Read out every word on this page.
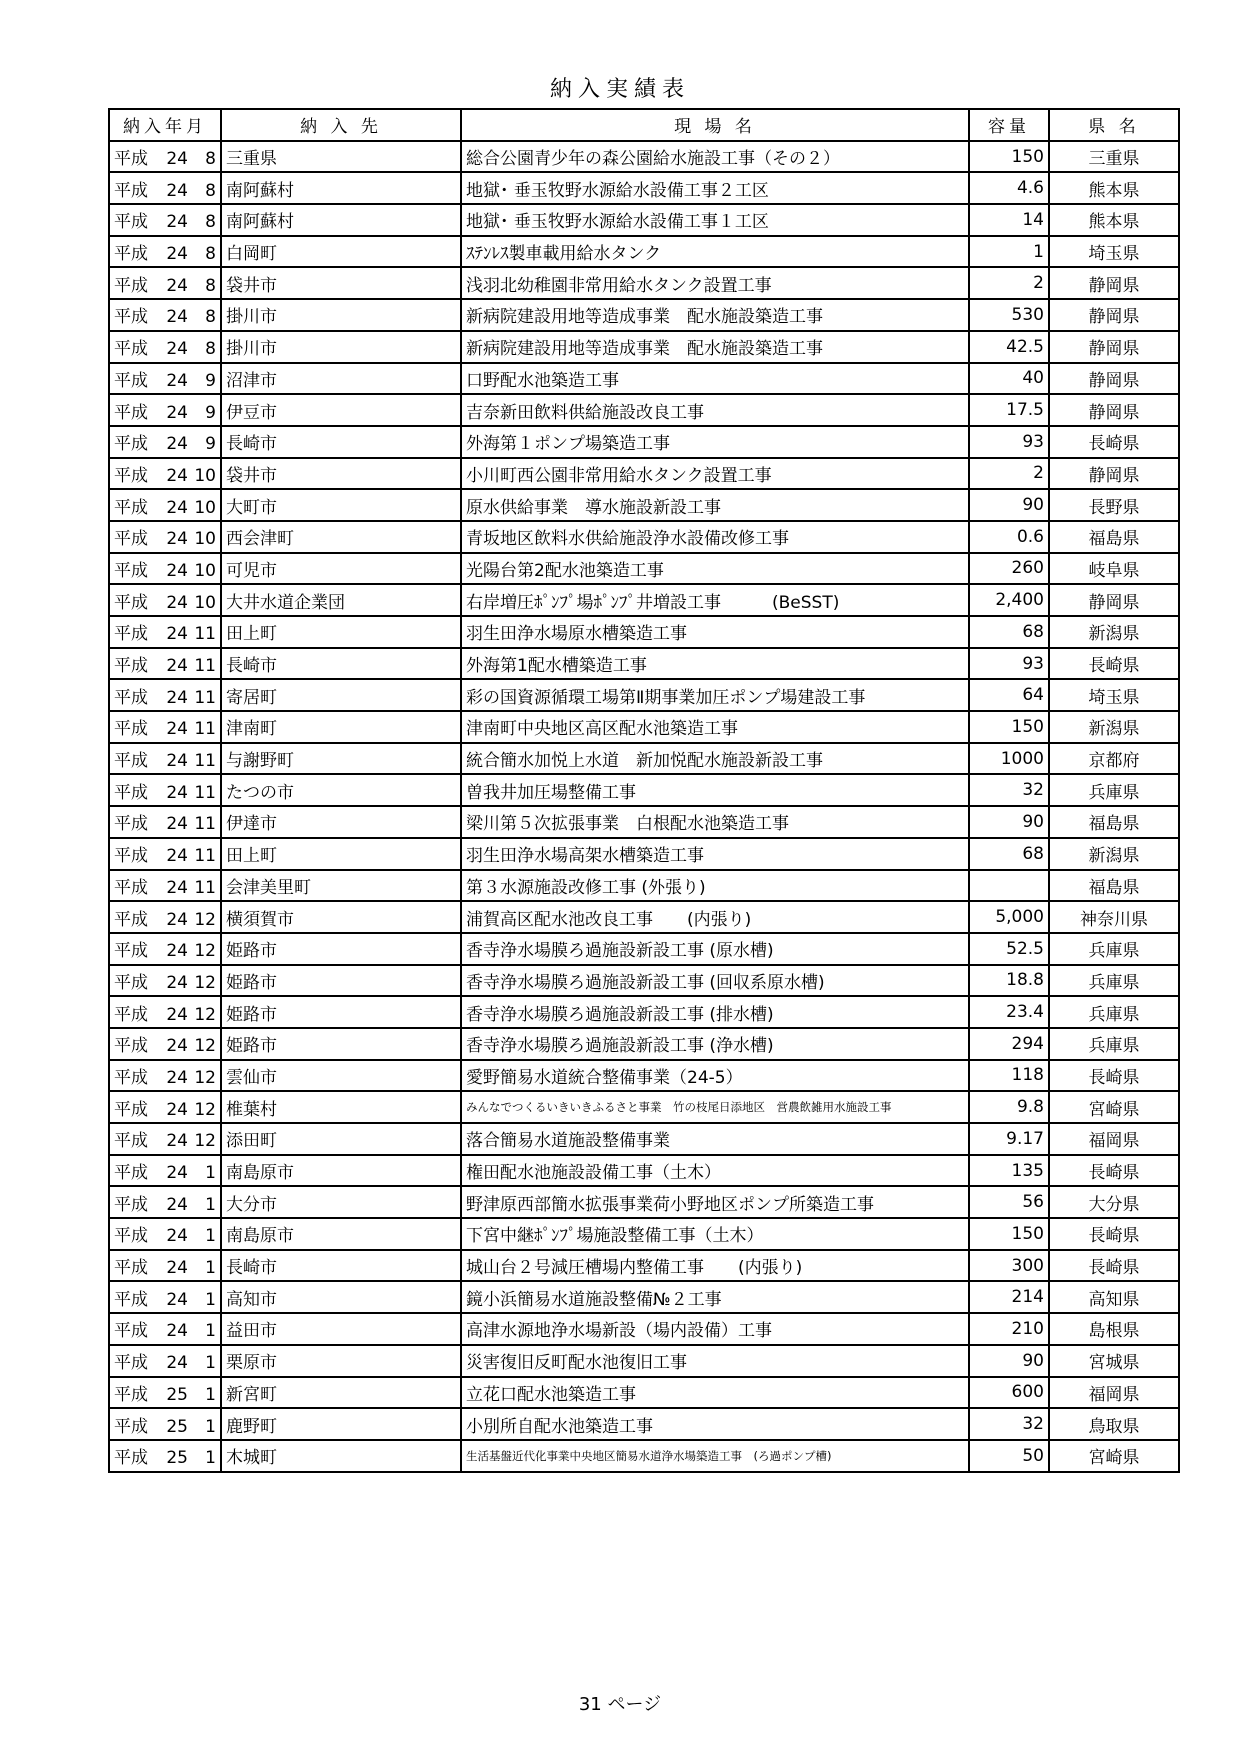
納入実績表
納入年月	納 入 先	現 場 名	容量	県 名
平成 24 8	三重県	総合公園青少年の森公園給水施設工事（その２）	150	三重県
平成 24 8	南阿蘇村	地獄･ 垂玉牧野水源給水設備工事２工区	4.6	熊本県
平成 24 8	南阿蘇村	地獄･ 垂玉牧野水源給水設備工事１工区	14	熊本県
平成 24 8	白岡町	ｽﾃﾝﾚｽ製車載用給水タンク	1	埼玉県
平成 24 8	袋井市	浅羽北幼稚園非常用給水タンク設置工事	2	静岡県
平成 24 8	掛川市	新病院建設用地等造成事業　配水施設築造工事	530	静岡県
平成 24 8	掛川市	新病院建設用地等造成事業　配水施設築造工事	42.5	静岡県
平成 24 9	沼津市	口野配水池築造工事	40	静岡県
平成 24 9	伊豆市	吉奈新田飲料供給施設改良工事	17.5	静岡県
平成 24 9	長崎市	外海第１ポンプ場築造工事	93	長崎県
平成 24 10	袋井市	小川町西公園非常用給水タンク設置工事	2	静岡県
平成 24 10	大町市	原水供給事業　導水施設新設工事	90	長野県
平成 24 10	西会津町	青坂地区飲料水供給施設浄水設備改修工事	0.6	福島県
平成 24 10	可児市	光陽台第2配水池築造工事	260	岐阜県
平成 24 10	大井水道企業団	右岸増圧ﾎﾟﾝﾌﾟ場ﾎﾟﾝﾌﾟ井増設工事　　　(BeSST)	2,400	静岡県
平成 24 11	田上町	羽生田浄水場原水槽築造工事	68	新潟県
平成 24 11	長崎市	外海第1配水槽築造工事	93	長崎県
平成 24 11	寄居町	彩の国資源循環工場第Ⅱ期事業加圧ポンプ場建設工事	64	埼玉県
平成 24 11	津南町	津南町中央地区高区配水池築造工事	150	新潟県
平成 24 11	与謝野町	統合簡水加悦上水道　新加悦配水施設新設工事	1000	京都府
平成 24 11	たつの市	曽我井加圧場整備工事	32	兵庫県
平成 24 11	伊達市	梁川第５次拡張事業　白根配水池築造工事	90	福島県
平成 24 11	田上町	羽生田浄水場高架水槽築造工事	68	新潟県
平成 24 11	会津美里町	第３水源施設改修工事 (外張り)		福島県
平成 24 12	横須賀市	浦賀高区配水池改良工事　　(内張り)	5,000	神奈川県
平成 24 12	姫路市	香寺浄水場膜ろ過施設新設工事 (原水槽)	52.5	兵庫県
平成 24 12	姫路市	香寺浄水場膜ろ過施設新設工事 (回収系原水槽)	18.8	兵庫県
平成 24 12	姫路市	香寺浄水場膜ろ過施設新設工事 (排水槽)	23.4	兵庫県
平成 24 12	姫路市	香寺浄水場膜ろ過施設新設工事 (浄水槽)	294	兵庫県
平成 24 12	雲仙市	愛野簡易水道統合整備事業（24-5）	118	長崎県
平成 24 12	椎葉村	みんなでつくるいきいきふるさと事業　竹の枝尾日添地区　営農飲雑用水施設工事	9.8	宮崎県
平成 24 12	添田町	落合簡易水道施設整備事業	9.17	福岡県
平成 24 1	南島原市	権田配水池施設設備工事（土木）	135	長崎県
平成 24 1	大分市	野津原西部簡水拡張事業荷小野地区ポンプ所築造工事	56	大分県
平成 24 1	南島原市	下宮中継ﾎﾟﾝﾌﾟ場施設整備工事（土木）	150	長崎県
平成 24 1	長崎市	城山台２号減圧槽場内整備工事　　(内張り)	300	長崎県
平成 24 1	高知市	鏡小浜簡易水道施設整備№２工事	214	高知県
平成 24 1	益田市	高津水源地浄水場新設（場内設備）工事	210	島根県
平成 24 1	栗原市	災害復旧反町配水池復旧工事	90	宮城県
平成 25 1	新宮町	立花口配水池築造工事	600	福岡県
平成 25 1	鹿野町	小別所自配水池築造工事	32	鳥取県
平成 25 1	木城町	生活基盤近代化事業中央地区簡易水道浄水場築造工事　(ろ過ポンプ槽)	50	宮崎県
31 ページ
